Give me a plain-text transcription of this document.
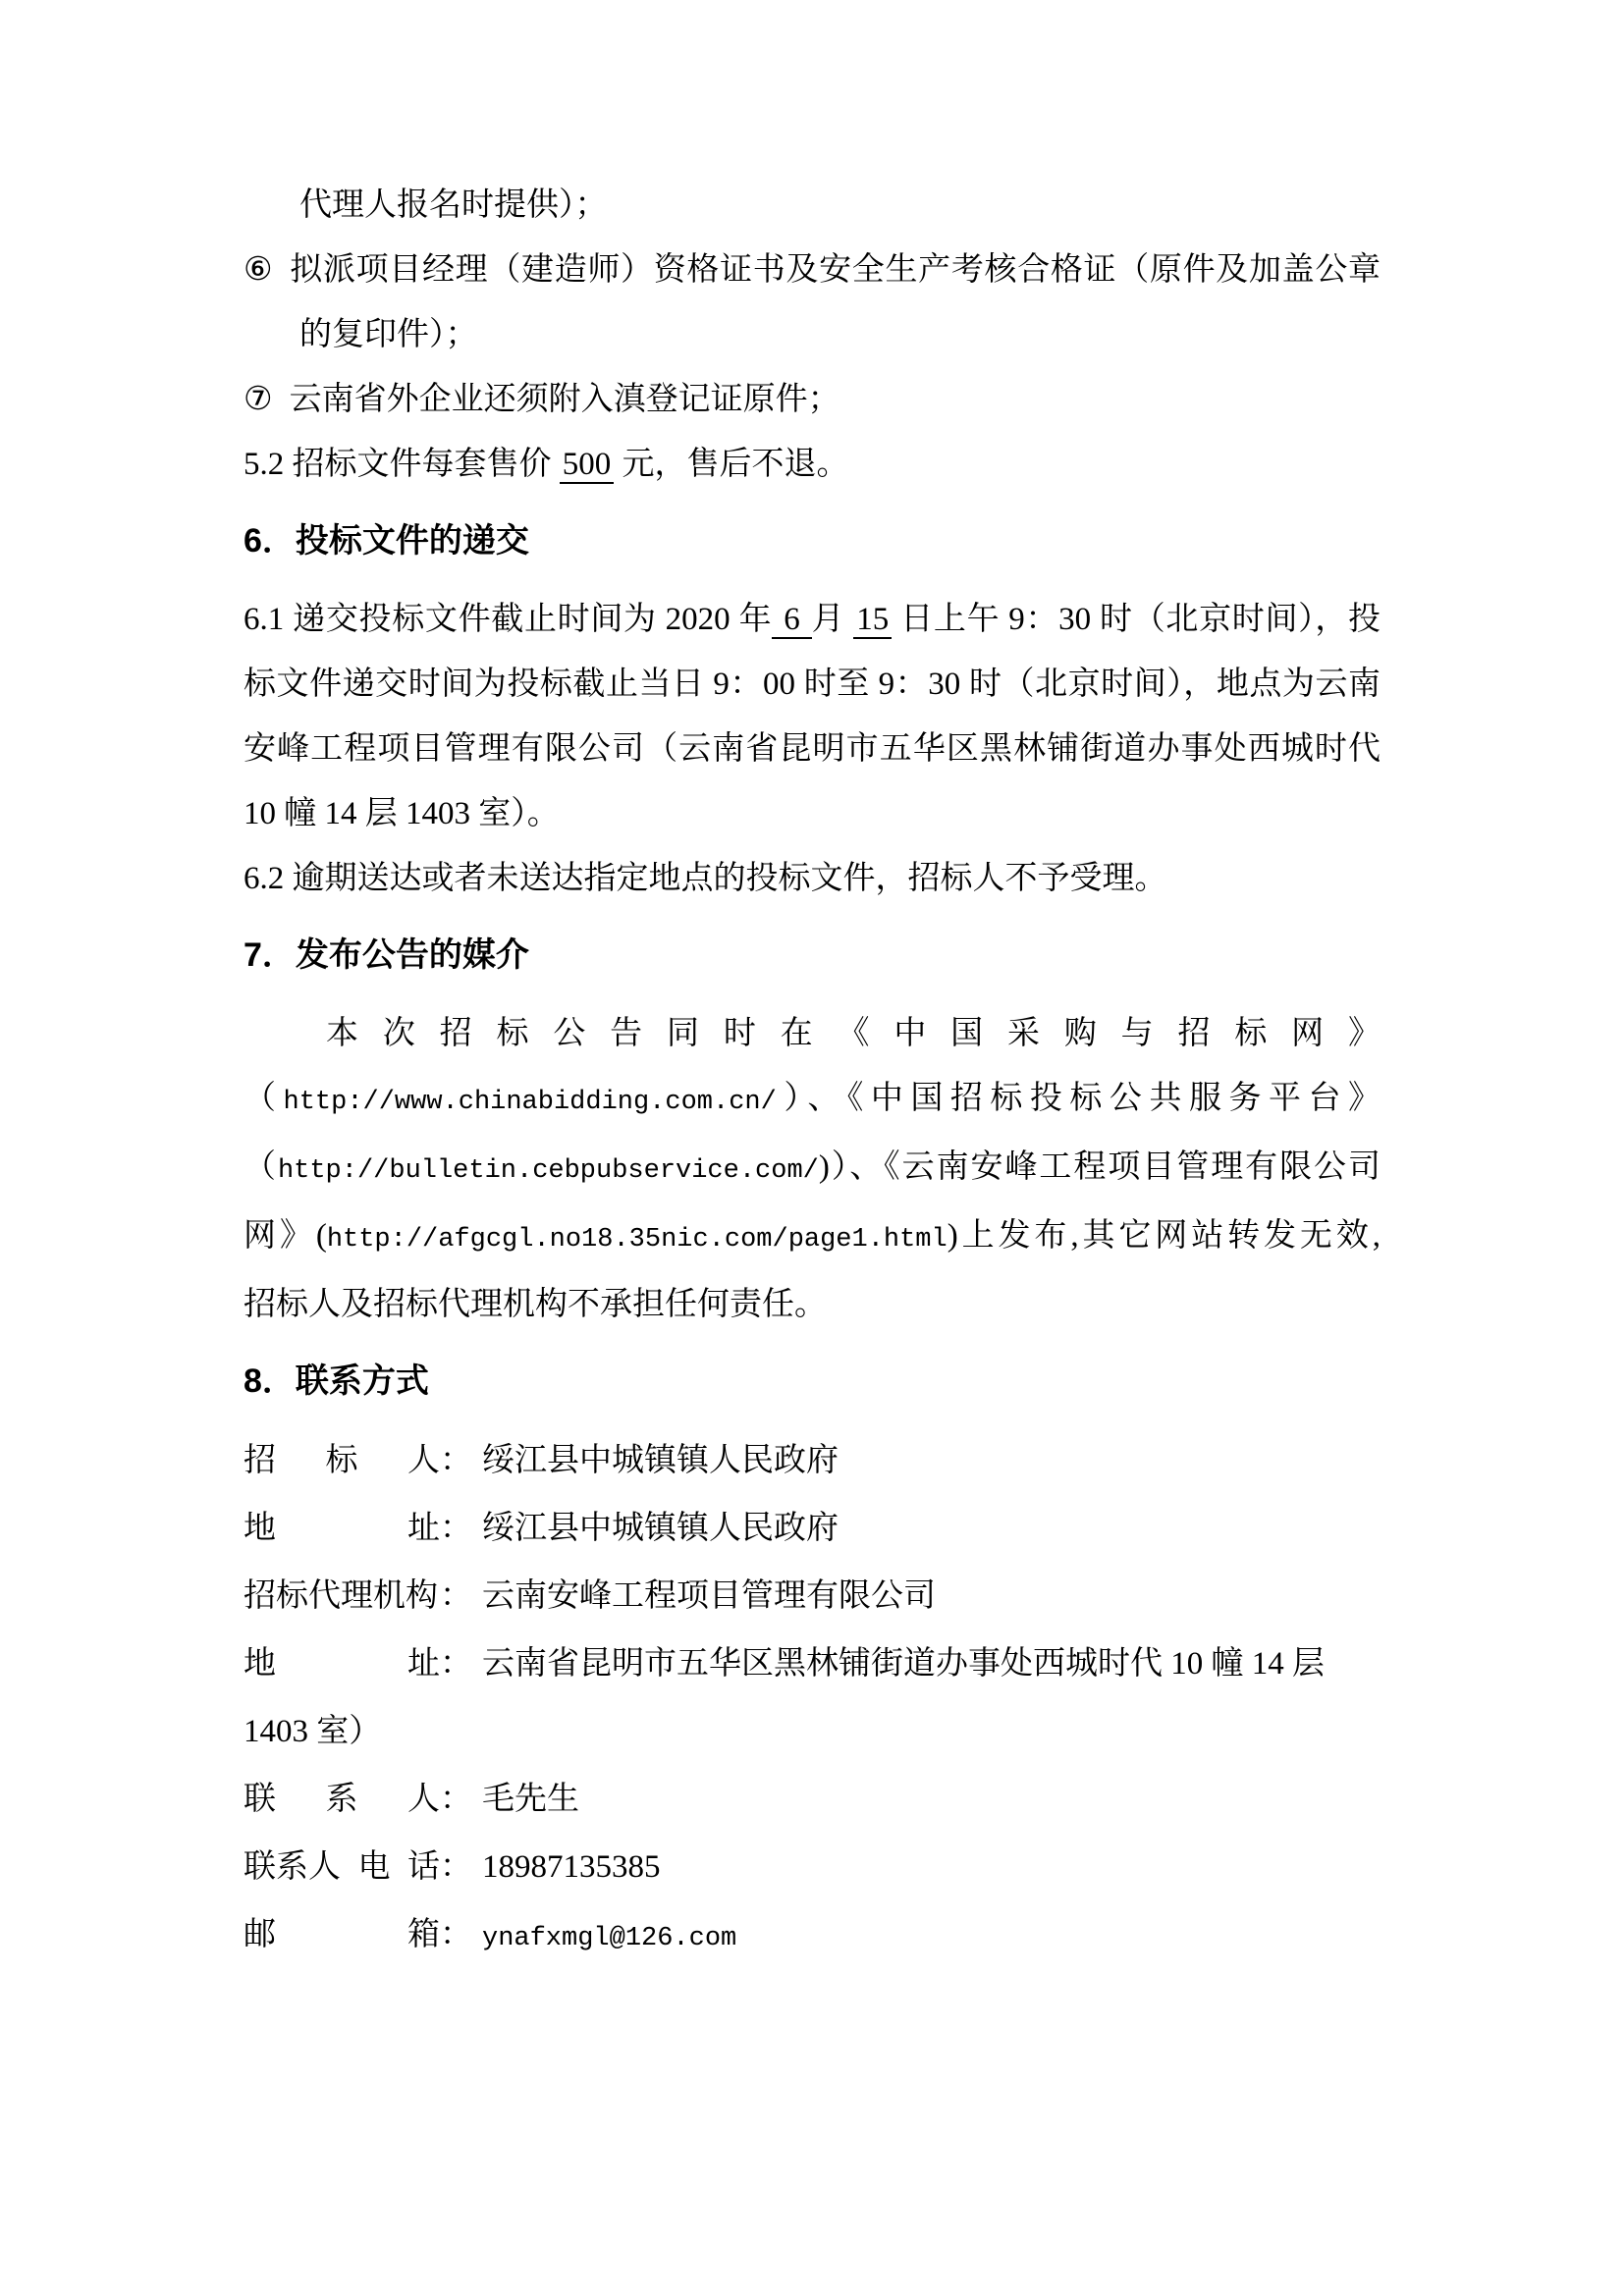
代理人报名时提供）；
⑥ 拟派项目经理（建造师）资格证书及安全生产考核合格证（原件及加盖公章
的复印件）；
⑦ 云南省外企业还须附入滇登记证原件；
5.2 招标文件每套售价 500 元，售后不退。
6．投标文件的递交
6.1 递交投标文件截止时间为 2020 年 6 月 15 日上午 9：30 时（北京时间），投
标文件递交时间为投标截止当日 9：00 时至 9：30 时（北京时间），地点为云南
安峰工程项目管理有限公司（云南省昆明市五华区黑林铺街道办事处西城时代
10 幢 14 层 1403 室）。
6.2 逾期送达或者未送达指定地点的投标文件，招标人不予受理。
7．发布公告的媒介
本 次 招 标 公 告 同 时 在 《 中 国 采 购 与 招 标 网 》
（http://www.chinabidding.com.cn/）、《中国招标投标公共服务平台》
（http://bulletin.cebpubservice.com/)）、《云南安峰工程项目管理有限公司
网》(http://afgcgl.no18.35nic.com/page1.html)上发布,其它网站转发无效,
招标人及招标代理机构不承担任何责任。
8．联系方式
招 标 人 ： 绥江县中城镇镇人民政府
地	址 ： 绥江县中城镇镇人民政府
招标代理机构 ： 云南安峰工程项目管理有限公司
地	址 ： 云南省昆明市五华区黑林铺街道办事处西城时代 10 幢 14 层
1403 室）
联 系 人 ： 毛先生
联系人 电 话 ： 18987135385
邮	箱 ： ynafxmgl@126.com
